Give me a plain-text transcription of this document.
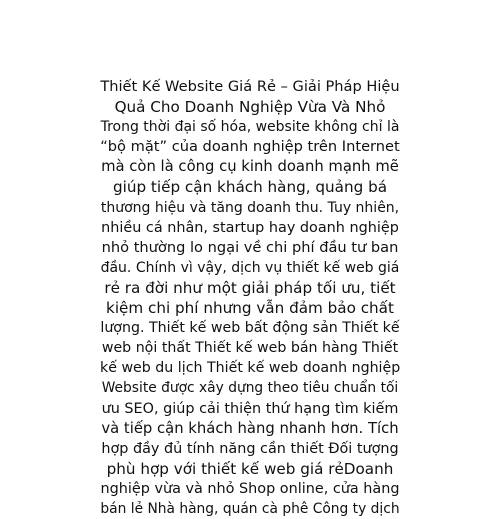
Thiết Kế Website Giá Rẻ – Giải Pháp Hiệu
Quả Cho Doanh Nghiệp Vừa Và Nhỏ
Trong thời đại số hóa, website không chỉ là
“bộ mặt” của doanh nghiệp trên Internet
mà còn là công cụ kinh doanh mạnh mẽ
giúp tiếp cận khách hàng, quảng bá
thương hiệu và tăng doanh thu. Tuy nhiên,
nhiều cá nhân, startup hay doanh nghiệp
nhỏ thường lo ngại về chi phí đầu tư ban
đầu. Chính vì vậy, dịch vụ thiết kế web giá
rẻ ra đời như một giải pháp tối ưu, tiết
kiệm chi phí nhưng vẫn đảm bảo chất
lượng. Thiết kế web bất động sản Thiết kế
web nội thất Thiết kế web bán hàng Thiết
kế web du lịch Thiết kế web doanh nghiệp
Website được xây dựng theo tiêu chuẩn tối
ưu SEO, giúp cải thiện thứ hạng tìm kiếm
và tiếp cận khách hàng nhanh hơn. Tích
hợp đầy đủ tính năng cần thiết Đối tượng
phù hợp với thiết kế web giá rẻDoanh
nghiệp vừa và nhỏ Shop online, cửa hàng
bán lẻ Nhà hàng, quán cà phê Công ty dịch
